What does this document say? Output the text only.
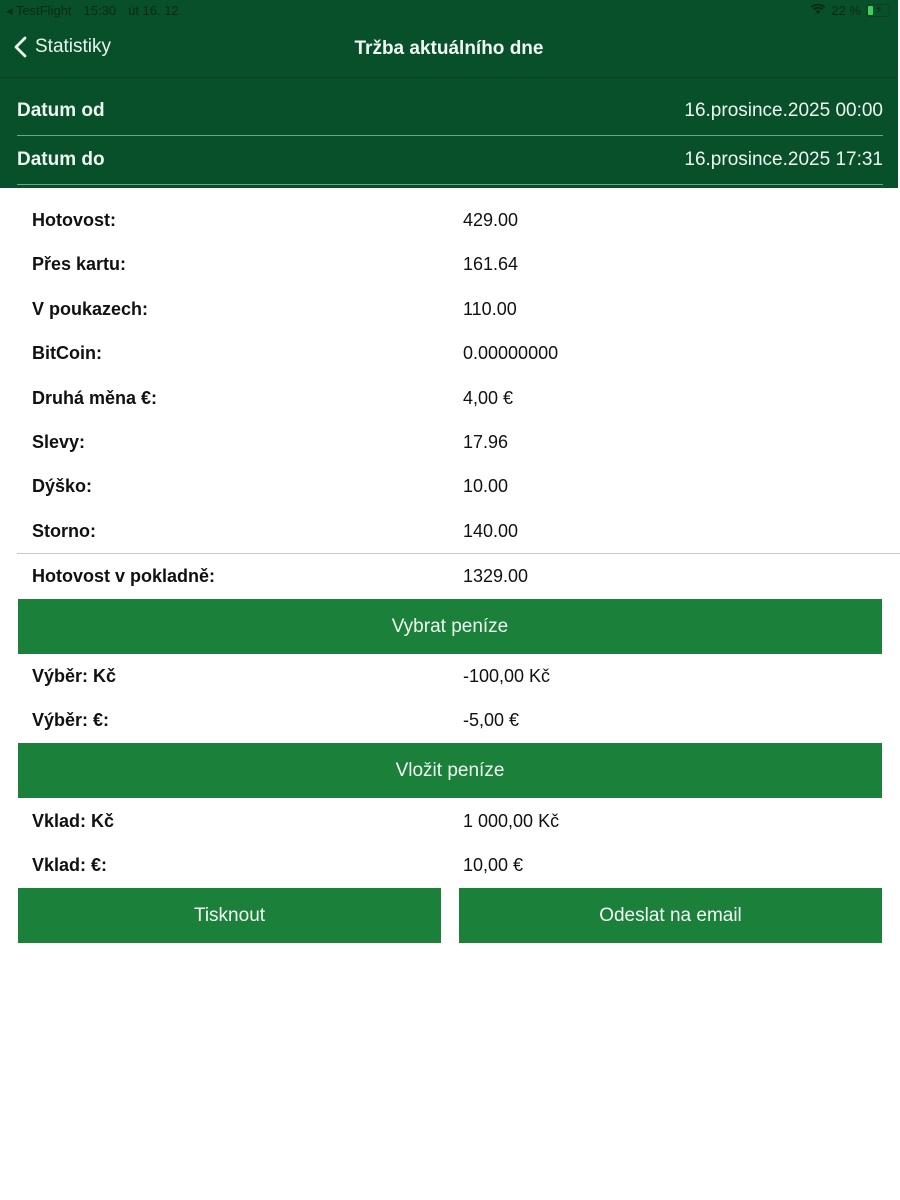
◂ TestFlight 15:30 út 16. 12.	22 % ⚡
Statistiky	Tržba aktuálního dne
Datum od	16.prosince.2025 00:00
Datum do	16.prosince.2025 17:31
Hotovost:	429.00
Přes kartu:	161.64
V poukazech:	110.00
BitCoin:	0.00000000
Druhá měna €:	4,00 €
Slevy:	17.96
Dýško:	10.00
Storno:	140.00
Hotovost v pokladně:	1329.00
Vybrat peníze
Výběr: Kč	-100,00 Kč
Výběr: €:	-5,00 €
Vložit peníze
Vklad: Kč	1 000,00 Kč
Vklad: €:	10,00 €
Tisknout	Odeslat na email
